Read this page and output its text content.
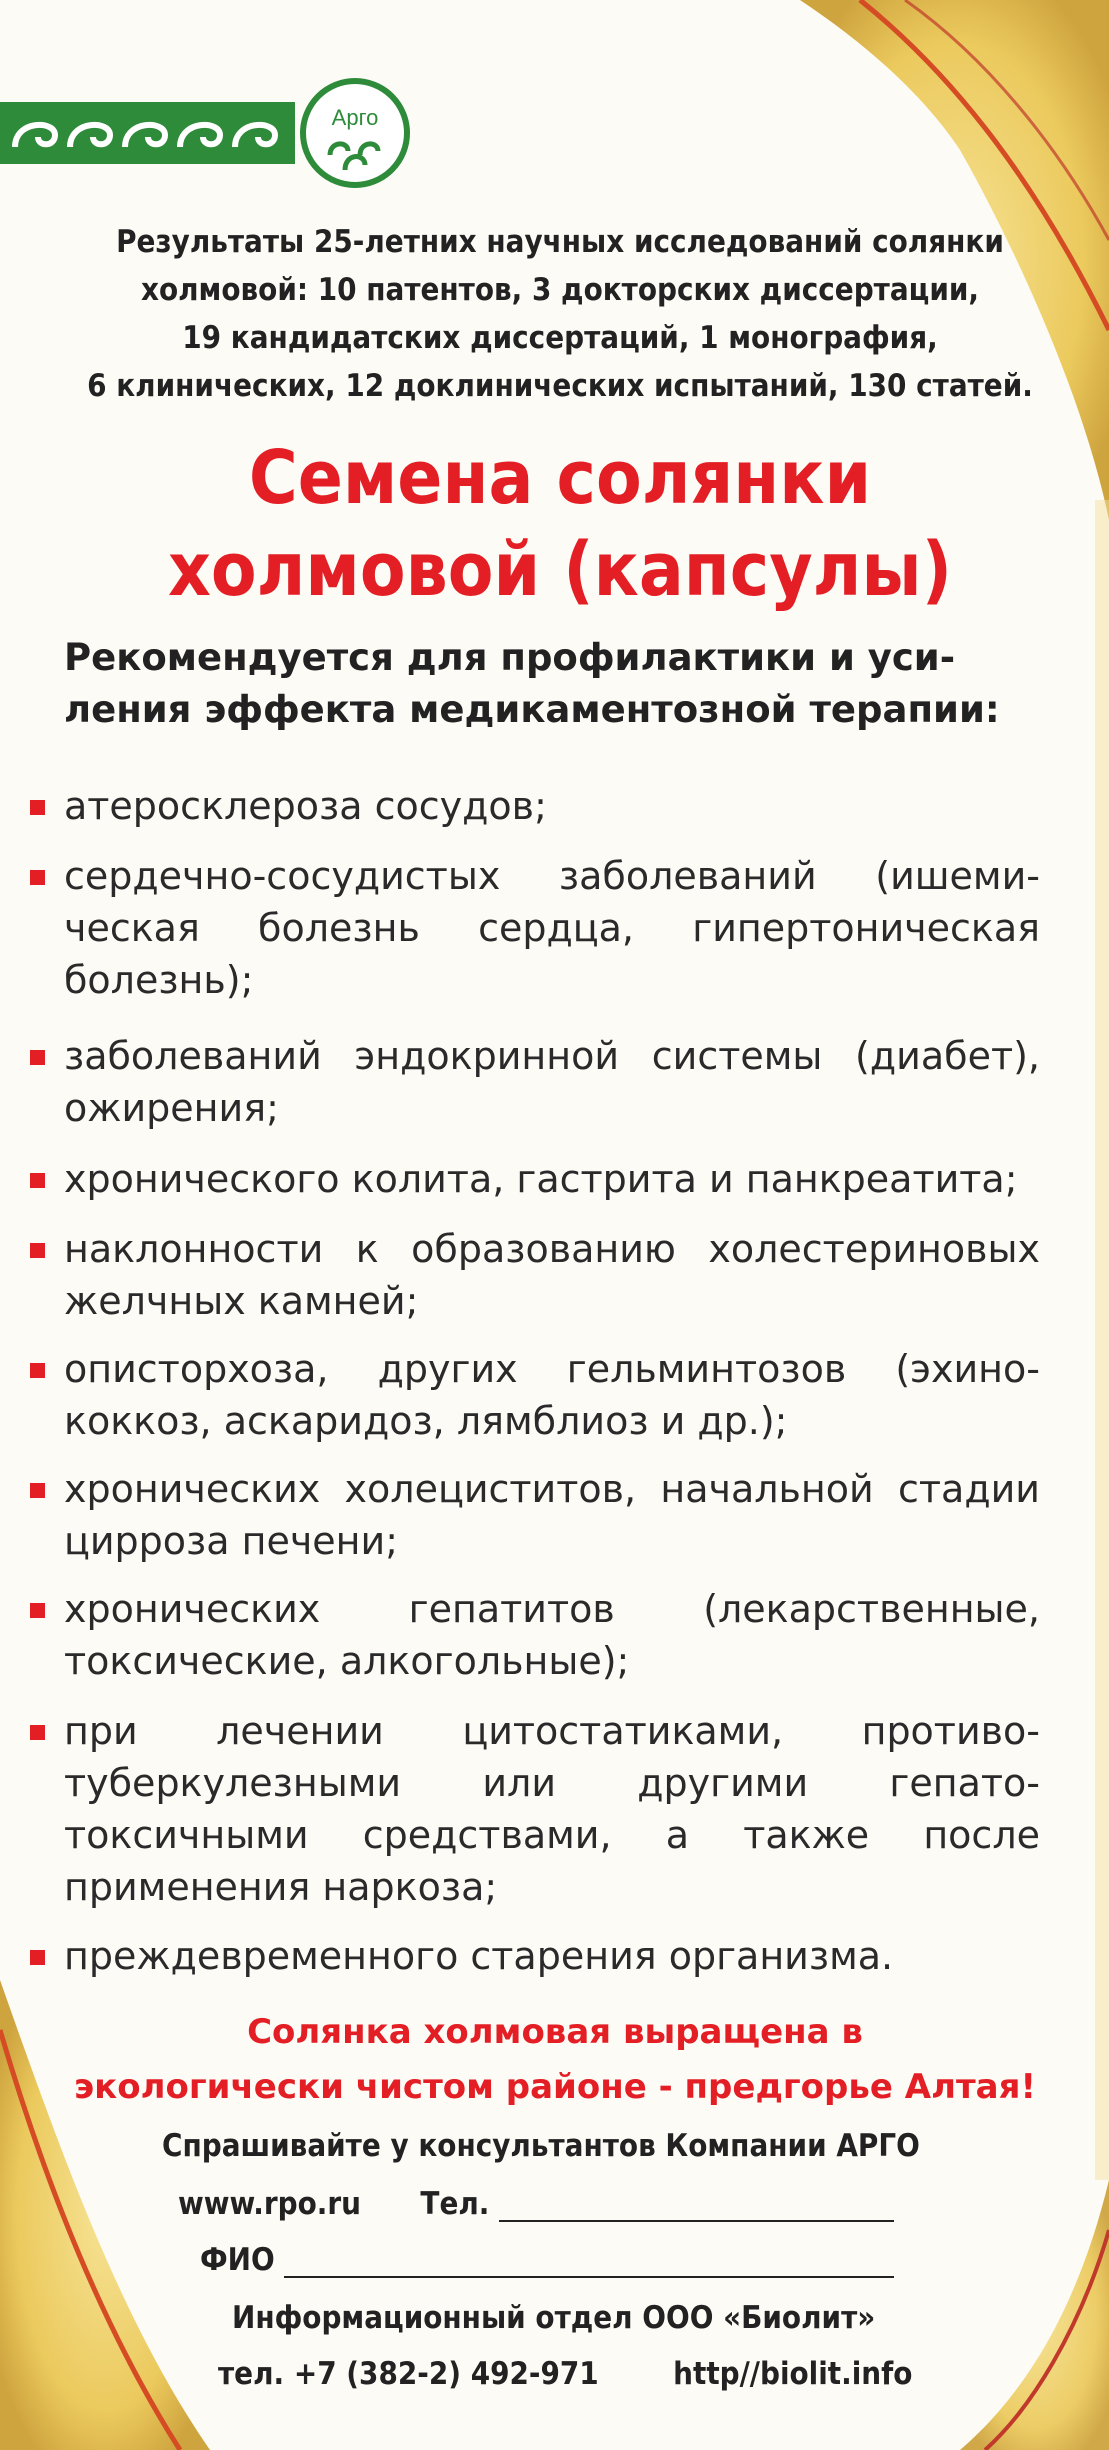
Арго
Результаты 25-летних научных исследований солянки
холмовой: 10 патентов, 3 докторских диссертации,
19 кандидатских диссертаций, 1 монография,
6 клинических, 12 доклинических испытаний, 130 статей.
Семена солянки
холмовой (капсулы)
Рекомендуется для профилактики и уси-
ления эффекта медикаментозной терапии:
атеросклероза сосудов;
сердечно-сосудистых заболеваний (ишеми-
ческая болезнь сердца, гипертоническая
болезнь);
заболеваний эндокринной системы (диабет),
ожирения;
хронического колита, гастрита и панкреатита;
наклонности к образованию холестериновых
желчных камней;
описторхоза, других гельминтозов (эхино-
коккоз, аскаридоз, лямблиоз и др.);
хронических холециститов, начальной стадии
цирроза печени;
хронических гепатитов (лекарственные,
токсические, алкогольные);
при лечении цитостатиками, противо-
туберкулезными или другими гепато-
токсичными средствами, а также после
применения наркоза;
преждевременного старения организма.
Солянка холмовая выращена в
экологически чистом районе - предгорье Алтая!
Спрашивайте у консультантов Компании АРГО
www.rpo.ru Тел.
ФИО
Информационный отдел ООО «Биолит»
тел. +7 (382-2) 492-971 http//biolit.info
